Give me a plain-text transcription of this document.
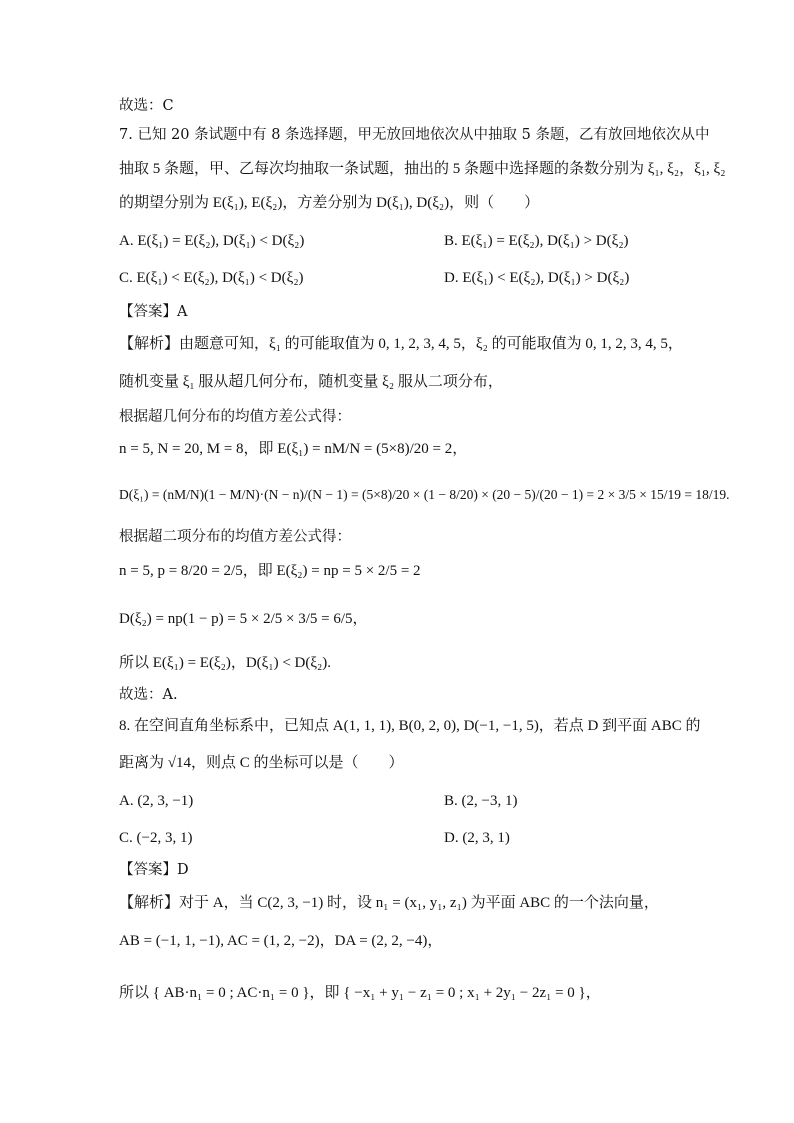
故选：C
7. 已知 20 条试题中有 8 条选择题，甲无放回地依次从中抽取 5 条题，乙有放回地依次从中
抽取 5 条题，甲、乙每次均抽取一条试题，抽出的 5 条题中选择题的条数分别为 ξ₁, ξ₂，ξ₁, ξ₂
的期望分别为 E(ξ₁), E(ξ₂)，方差分别为 D(ξ₁), D(ξ₂)，则（　　）
A. E(ξ₁) = E(ξ₂), D(ξ₁) < D(ξ₂)	B. E(ξ₁) = E(ξ₂), D(ξ₁) > D(ξ₂)
C. E(ξ₁) < E(ξ₂), D(ξ₁) < D(ξ₂)	D. E(ξ₁) < E(ξ₂), D(ξ₁) > D(ξ₂)
【答案】A
【解析】由题意可知，ξ₁ 的可能取值为 0, 1, 2, 3, 4, 5，ξ₂ 的可能取值为 0, 1, 2, 3, 4, 5，
随机变量 ξ₁ 服从超几何分布，随机变量 ξ₂ 服从二项分布，
根据超几何分布的均值方差公式得：
n = 5, N = 20, M = 8，即 E(ξ₁) = nM/N = (5×8)/20 = 2，
D(ξ₁) = (nM/N)(1 − M/N)·(N − n)/(N − 1) = (5×8)/20 × (1 − 8/20) × (20 − 5)/(20 − 1) = 2 × 3/5 × 15/19 = 18/19.
根据超二项分布的均值方差公式得：
n = 5, p = 8/20 = 2/5，即 E(ξ₂) = np = 5 × 2/5 = 2
D(ξ₂) = np(1 − p) = 5 × 2/5 × 3/5 = 6/5，
所以 E(ξ₁) = E(ξ₂)，D(ξ₁) < D(ξ₂).
故选：A.
8. 在空间直角坐标系中，已知点 A(1, 1, 1), B(0, 2, 0), D(−1, −1, 5)，若点 D 到平面 ABC 的
距离为 √14，则点 C 的坐标可以是（　　）
A. (2, 3, −1)	B. (2, −3, 1)
C. (−2, 3, 1)	D. (2, 3, 1)
【答案】D
【解析】对于 A，当 C(2, 3, −1) 时，设 n₁ = (x₁, y₁, z₁) 为平面 ABC 的一个法向量，
AB = (−1, 1, −1), AC = (1, 2, −2)，DA = (2, 2, −4)，
所以 { AB·n₁ = 0 ; AC·n₁ = 0 }，即 { −x₁ + y₁ − z₁ = 0 ; x₁ + 2y₁ − 2z₁ = 0 }，
